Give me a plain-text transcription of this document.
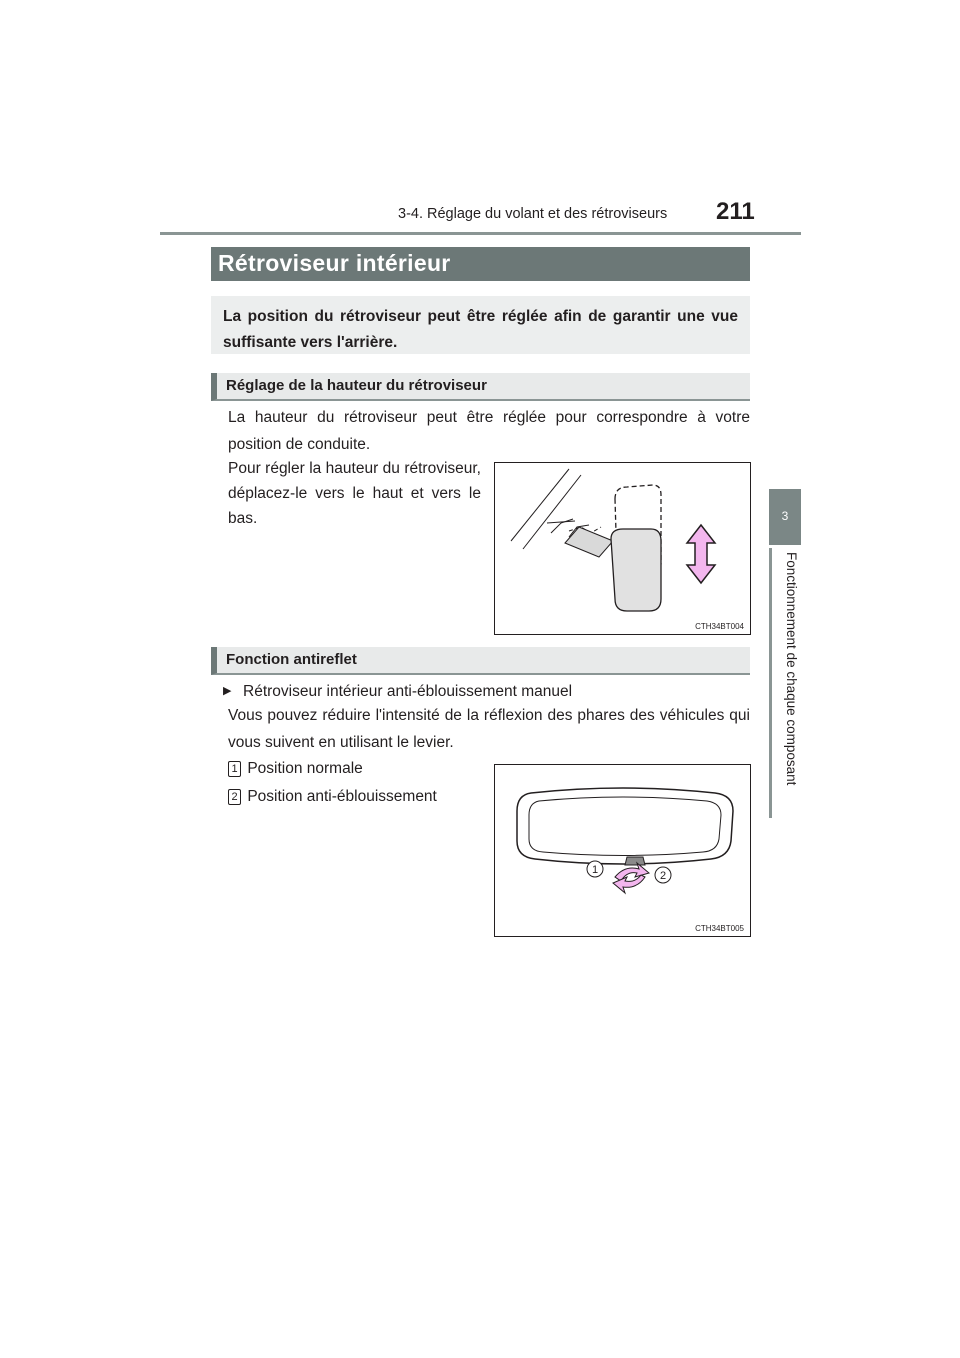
3-4. Réglage du volant et des rétroviseurs 211
3
Fonctionnement de chaque composant
Rétroviseur intérieur
La position du rétroviseur peut être réglée afin de garantir une vue suffisante vers l'arrière.
Réglage de la hauteur du rétroviseur
La hauteur du rétroviseur peut être réglée pour correspondre à votre position de conduite.
Pour régler la hauteur du rétroviseur, déplacez-le vers le haut et vers le bas.
CTH34BT004
Fonction antireflet
▶ Rétroviseur intérieur anti-éblouissement manuel
Vous pouvez réduire l'intensité de la réflexion des phares des véhicules qui vous suivent en utilisant le levier.
1 Position normale
2 Position anti-éblouissement
1	2
CTH34BT005
